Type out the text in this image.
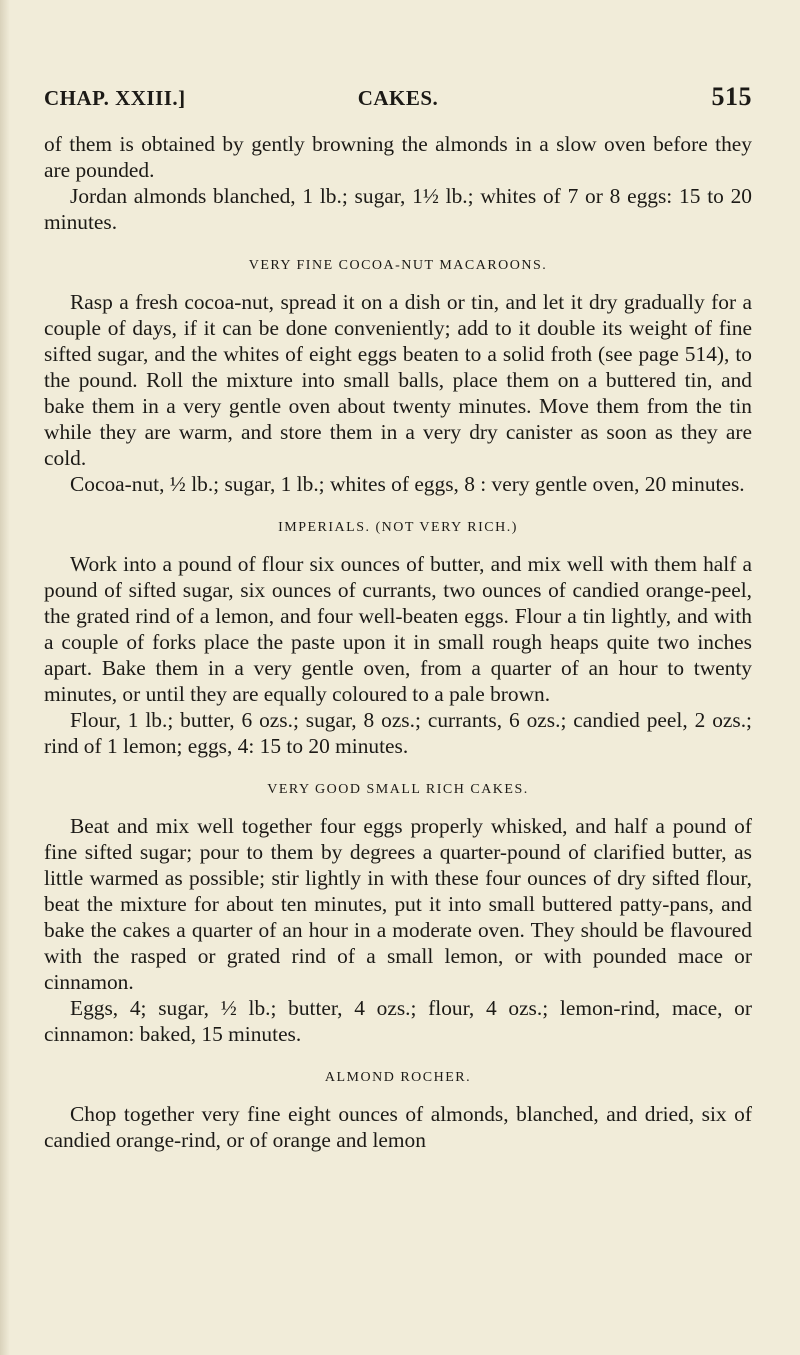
CHAP. XXIII.]	CAKES.	515

of them is obtained by gently browning the almonds in a slow oven before they are pounded.

Jordan almonds blanched, 1 lb.; sugar, 1½ lb.; whites of 7 or 8 eggs: 15 to 20 minutes.

VERY FINE COCOA-NUT MACAROONS.

Rasp a fresh cocoa-nut, spread it on a dish or tin, and let it dry gradually for a couple of days, if it can be done conveniently; add to it double its weight of fine sifted sugar, and the whites of eight eggs beaten to a solid froth (see page 514), to the pound. Roll the mixture into small balls, place them on a buttered tin, and bake them in a very gentle oven about twenty minutes. Move them from the tin while they are warm, and store them in a very dry canister as soon as they are cold.

Cocoa-nut, ½ lb.; sugar, 1 lb.; whites of eggs, 8 : very gentle oven, 20 minutes.

IMPERIALS. (NOT VERY RICH.)

Work into a pound of flour six ounces of butter, and mix well with them half a pound of sifted sugar, six ounces of currants, two ounces of candied orange-peel, the grated rind of a lemon, and four well-beaten eggs. Flour a tin lightly, and with a couple of forks place the paste upon it in small rough heaps quite two inches apart. Bake them in a very gentle oven, from a quarter of an hour to twenty minutes, or until they are equally coloured to a pale brown.

Flour, 1 lb.; butter, 6 ozs.; sugar, 8 ozs.; currants, 6 ozs.; candied peel, 2 ozs.; rind of 1 lemon; eggs, 4: 15 to 20 minutes.

VERY GOOD SMALL RICH CAKES.

Beat and mix well together four eggs properly whisked, and half a pound of fine sifted sugar; pour to them by degrees a quarter-pound of clarified butter, as little warmed as possible; stir lightly in with these four ounces of dry sifted flour, beat the mixture for about ten minutes, put it into small buttered patty-pans, and bake the cakes a quarter of an hour in a moderate oven. They should be flavoured with the rasped or grated rind of a small lemon, or with pounded mace or cinnamon.

Eggs, 4; sugar, ½ lb.; butter, 4 ozs.; flour, 4 ozs.; lemon-rind, mace, or cinnamon: baked, 15 minutes.

ALMOND ROCHER.

Chop together very fine eight ounces of almonds, blanched, and dried, six of candied orange-rind, or of orange and lemon
